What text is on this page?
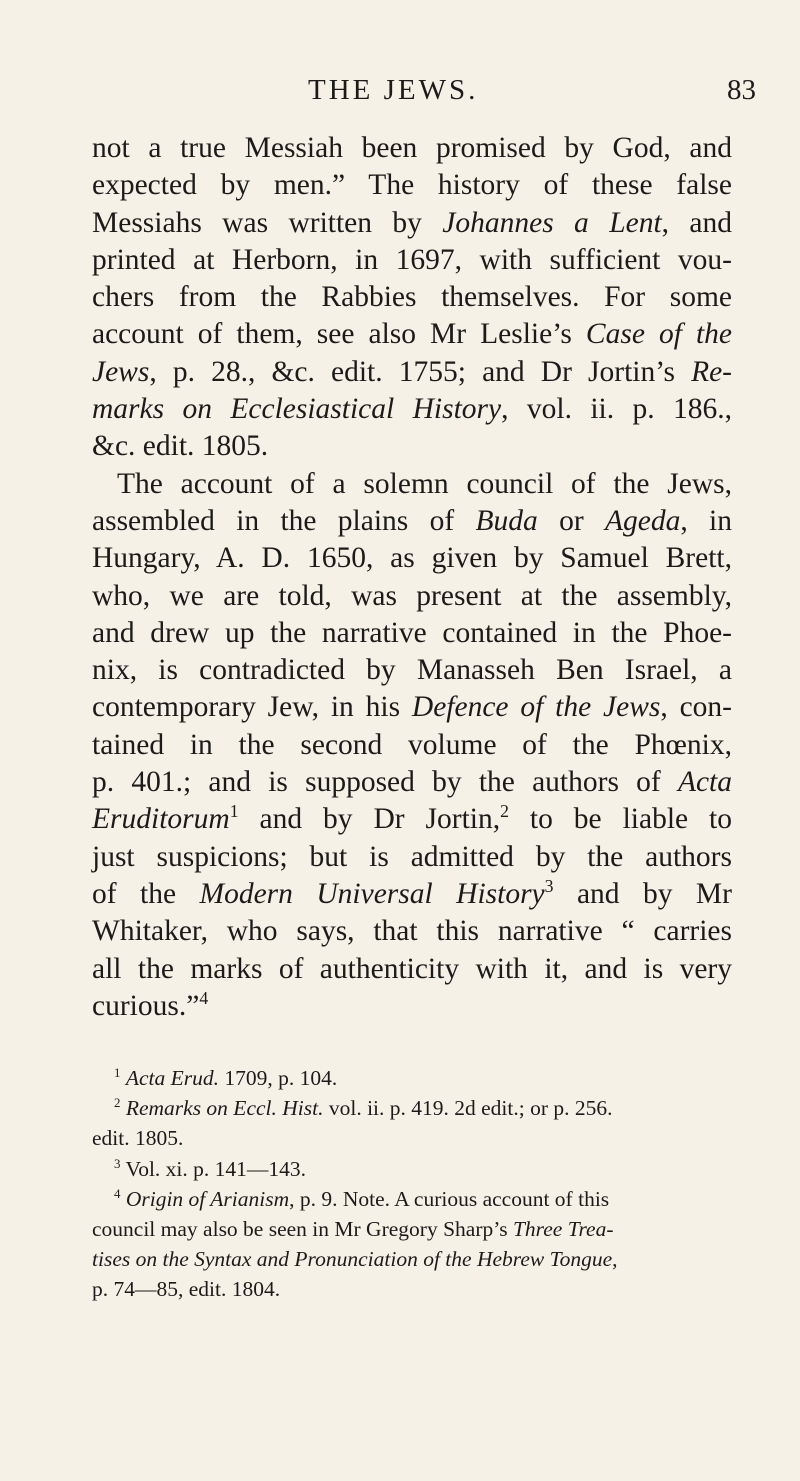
THE JEWS.	83
not a true Messiah been promised by God, and
expected by men.” The history of these false
Messiahs was written by Johannes a Lent, and
printed at Herborn, in 1697, with sufficient vou-
chers from the Rabbies themselves. For some
account of them, see also Mr Leslie’s Case of the
Jews, p. 28., &c. edit. 1755; and Dr Jortin’s Re-
marks on Ecclesiastical History, vol. ii. p. 186.,
&c. edit. 1805.
The account of a solemn council of the Jews,
assembled in the plains of Buda or Ageda, in
Hungary, A. D. 1650, as given by Samuel Brett,
who, we are told, was present at the assembly,
and drew up the narrative contained in the Phoe-
nix, is contradicted by Manasseh Ben Israel, a
contemporary Jew, in his Defence of the Jews, con-
tained in the second volume of the Phœnix,
p. 401.; and is supposed by the authors of Acta
Eruditorum$^1$ and by Dr Jortin,$^2$ to be liable to
just suspicions; but is admitted by the authors
of the Modern Universal History$^3$ and by Mr
Whitaker, who says, that this narrative “ carries
all the marks of authenticity with it, and is very
curious.”$^4$
$^1$ Acta Erud. 1709, p. 104.
$^2$ Remarks on Eccl. Hist. vol. ii. p. 419. 2d edit.; or p. 256.
edit. 1805.
$^3$ Vol. xi. p. 141—143.
$^4$ Origin of Arianism, p. 9. Note. A curious account of this
council may also be seen in Mr Gregory Sharp’s Three Trea-
tises on the Syntax and Pronunciation of the Hebrew Tongue,
p. 74—85, edit. 1804.
